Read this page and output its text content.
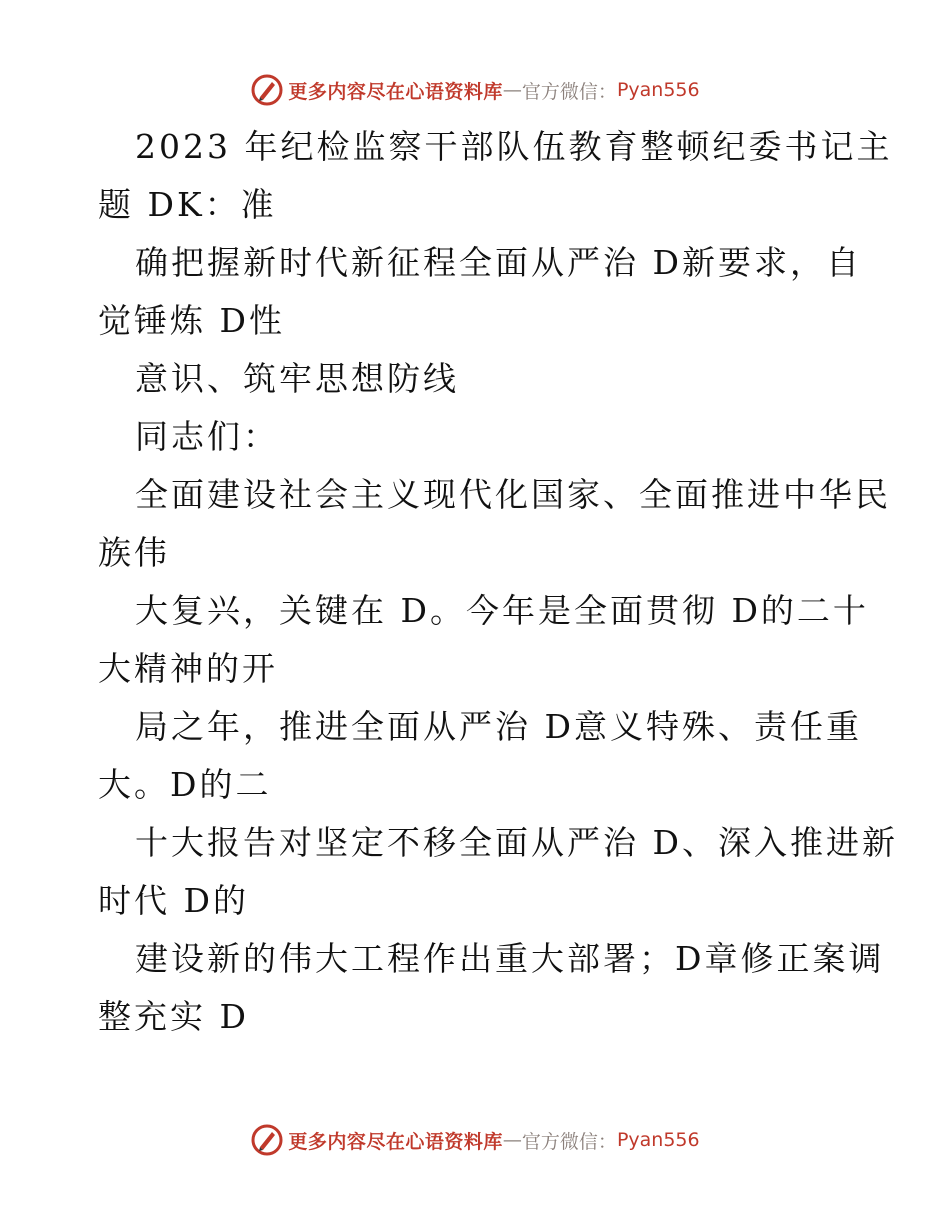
更多内容尽在心语资料库 — 官方微信： Pyan556
2023 年纪检监察干部队伍教育整顿纪委书记主
题 DK：准
确把握新时代新征程全面从严治 D新要求，自
觉锤炼 D性
意识、筑牢思想防线
同志们：
全面建设社会主义现代化国家、全面推进中华民
族伟
大复兴，关键在 D。今年是全面贯彻 D的二十
大精神的开
局之年，推进全面从严治 D意义特殊、责任重
大。D的二
十大报告对坚定不移全面从严治 D、深入推进新
时代 D的
建设新的伟大工程作出重大部署；D章修正案调
整充实 D
更多内容尽在心语资料库 — 官方微信： Pyan556
